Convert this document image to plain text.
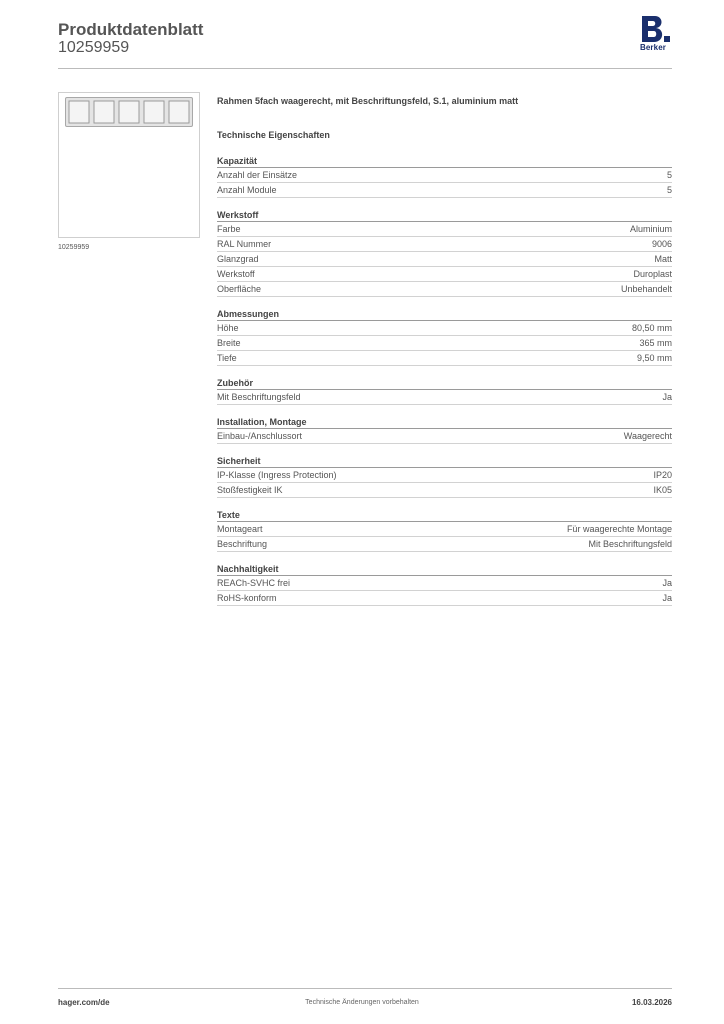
Produktdatenblatt
10259959	Berker
10259959
Rahmen 5fach waagerecht, mit Beschriftungsfeld, S.1, aluminium matt
Technische Eigenschaften
Kapazität
Anzahl der Einsätze	5
Anzahl Module	5
Werkstoff
Farbe	Aluminium
RAL Nummer	9006
Glanzgrad	Matt
Werkstoff	Duroplast
Oberfläche	Unbehandelt
Abmessungen
Höhe	80,50 mm
Breite	365 mm
Tiefe	9,50 mm
Zubehör
Mit Beschriftungsfeld	Ja
Installation, Montage
Einbau-/Anschlussort	Waagerecht
Sicherheit
IP-Klasse (Ingress Protection)	IP20
Stoßfestigkeit IK	IK05
Texte
Montageart	Für waagerechte Montage
Beschriftung	Mit Beschriftungsfeld
Nachhaltigkeit
REACh-SVHC frei	Ja
RoHS-konform	Ja
hager.com/de	Technische Änderungen vorbehalten	16.03.2026
